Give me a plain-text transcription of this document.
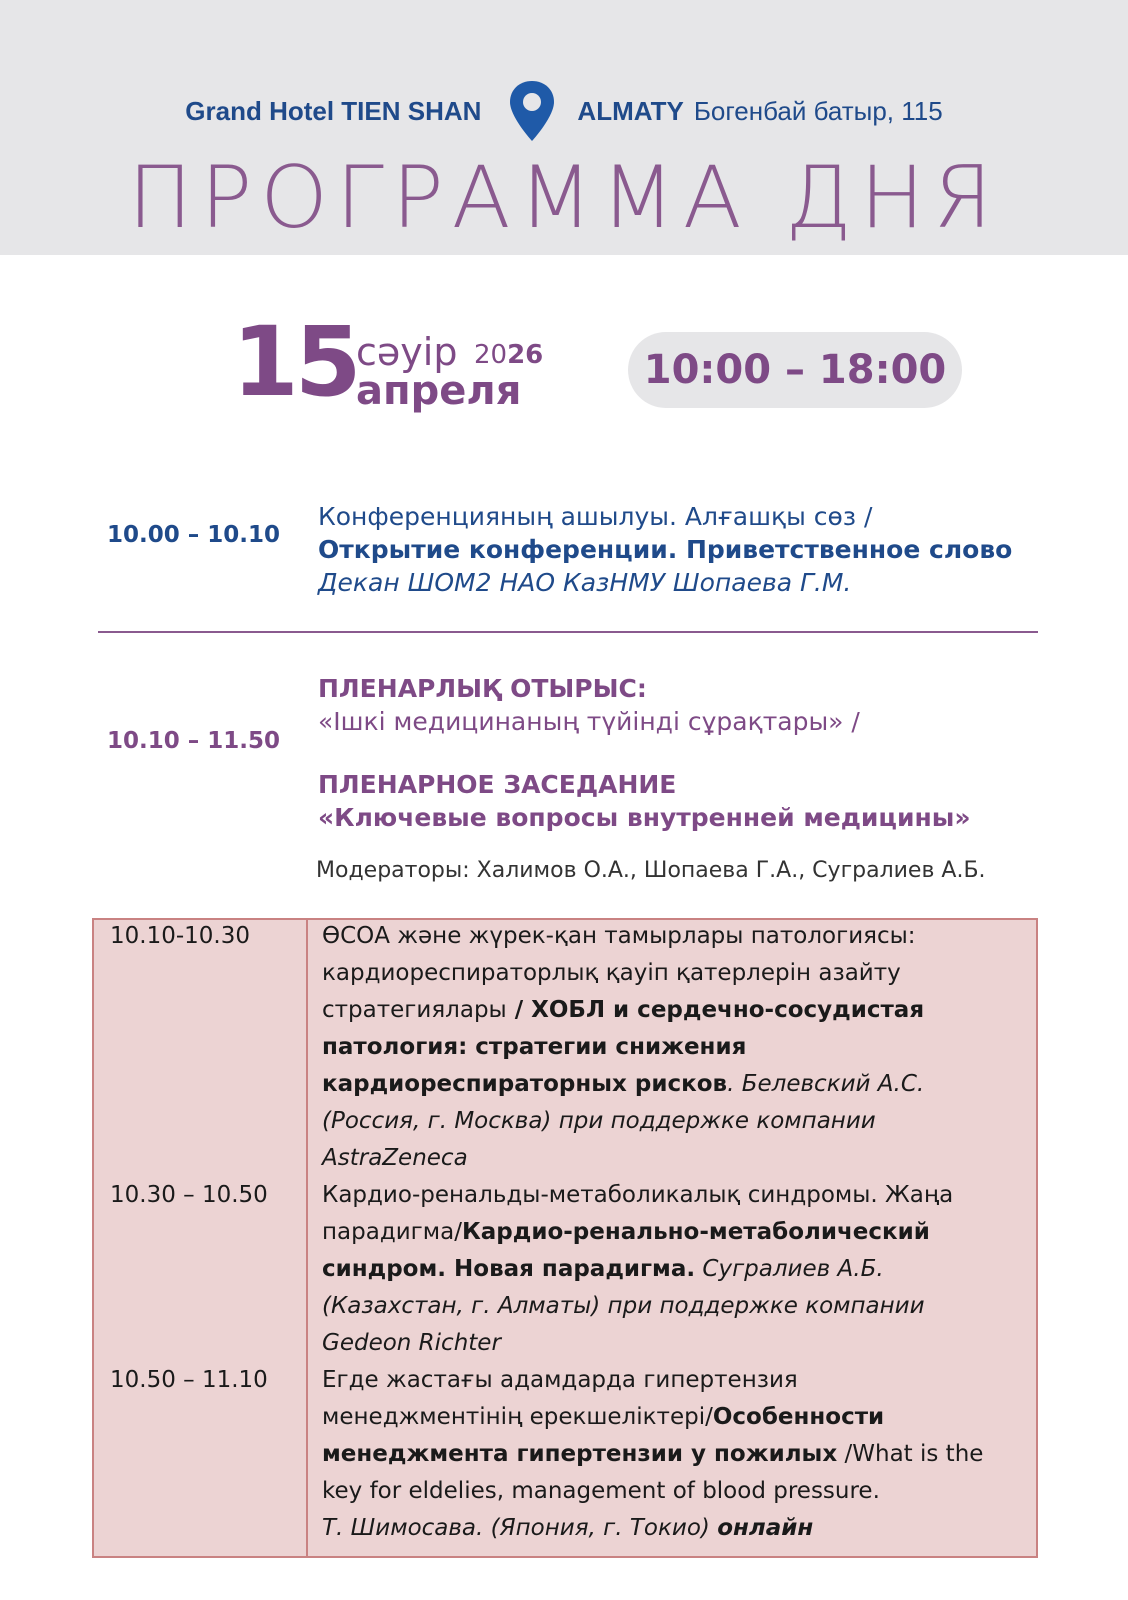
Grand Hotel TIEN SHAN	ALMATY Богенбай батыр, 115
ПРОГРАММА ДНЯ
15
сәуір 2026
апреля	10:00 – 18:00
10.00 – 10.10
Конференцияның ашылуы. Алғашқы сөз /
Открытие конференции. Приветственное слово
Декан ШОМ2 НАО КазНМУ Шопаева Г.М.
10.10 – 11.50
ПЛЕНАРЛЫҚ ОТЫРЫС:
«Ішкі медицинаның түйінді сұрақтары» /
ПЛЕНАРНОЕ ЗАСЕДАНИЕ
«Ключевые вопросы внутренней медицины»
Модераторы: Халимов О.А., Шопаева Г.А., Сугралиев А.Б.
10.10-10.30	ӨСОА және жүрек-қан тамырлары патологиясы:
кардиореспираторлық қауіп қатерлерін азайту
стратегиялары / ХОБЛ и сердечно-сосудистая
патология: стратегии снижения
кардиореспираторных рисков. Белевский А.С.
(Россия, г. Москва) при поддержке компании
AstraZeneca
10.30 – 10.50 Кардио-ренальды-метаболикалық синдромы. Жаңа
парадигма/Кардио-ренально-метаболический
синдром. Новая парадигма. Сугралиев А.Б.
(Казахстан, г. Алматы) при поддержке компании
Gedeon Richter
10.50 – 11.10 Егде жастағы адамдарда гипертензия
менеджментінің ерекшеліктері/Особенности
менеджмента гипертензии у пожилых /What is the
key for eldelies, management of blood pressure.
Т. Шимосава. (Япония, г. Токио) онлайн
